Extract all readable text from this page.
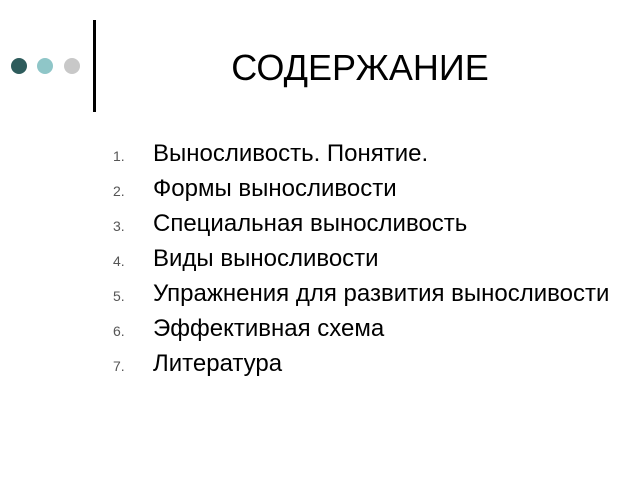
СОДЕРЖАНИЕ
1.	Выносливость. Понятие.
2.	Формы выносливости
3.	Специальная выносливость
4.	Виды выносливости
5.	Упражнения для развития выносливости
6.	Эффективная схема
7.	Литература
